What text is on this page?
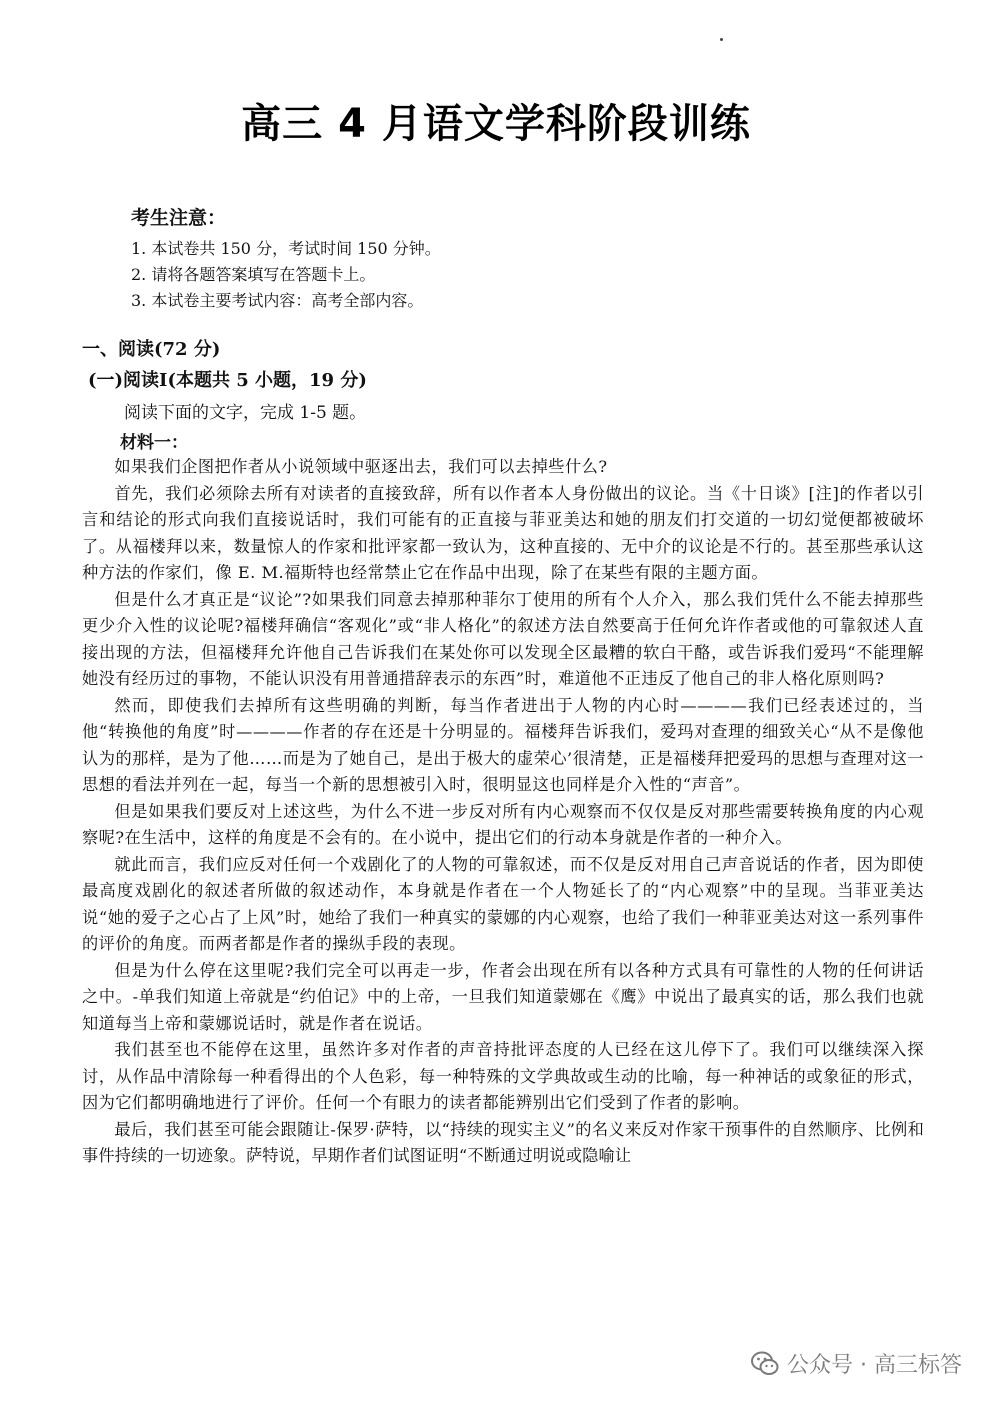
高三 4 月语文学科阶段训练
考生注意：
1. 本试卷共 150 分，考试时间 150 分钟。
2. 请将各题答案填写在答题卡上。
3. 本试卷主要考试内容：高考全部内容。
一、阅读(72 分)
(一)阅读Ⅰ(本题共 5 小题，19 分)
阅读下面的文字，完成 1-5 题。
材料一：

如果我们企图把作者从小说领域中驱逐出去，我们可以去掉些什么?

首先，我们必须除去所有对读者的直接致辞，所有以作者本人身份做出的议论。当《十日谈》[注]的作者以引言和结论的形式向我们直接说话时，我们可能有的正直接与菲亚美达和她的朋友们打交道的一切幻觉便都被破坏了。从福楼拜以来，数量惊人的作家和批评家都一致认为，这种直接的、无中介的议论是不行的。甚至那些承认这种方法的作家们，像 E. M.福斯特也经常禁止它在作品中出现，除了在某些有限的主题方面。

但是什么才真正是“议论”?如果我们同意去掉那种菲尔丁使用的所有个人介入，那么我们凭什么不能去掉那些更少介入性的议论呢?福楼拜确信“客观化”或“非人格化”的叙述方法自然要高于任何允许作者或他的可靠叙述人直接出现的方法，但福楼拜允许他自己告诉我们在某处你可以发现全区最糟的软白干酪，或告诉我们爱玛“不能理解她没有经历过的事物，不能认识没有用普通措辞表示的东西”时，难道他不正违反了他自己的非人格化原则吗?

然而，即使我们去掉所有这些明确的判断，每当作者进出于人物的内心时————我们已经表述过的，当他“转换他的角度”时————作者的存在还是十分明显的。福楼拜告诉我们，爱玛对查理的细致关心“从不是像他认为的那样，是为了他……而是为了她自己，是出于极大的虚荣心’很清楚，正是福楼拜把爱玛的思想与查理对这一思想的看法并列在一起，每当一个新的思想被引入时，很明显这也同样是介入性的“声音”。

但是如果我们要反对上述这些，为什么不进一步反对所有内心观察而不仅仅是反对那些需要转换角度的内心观察呢?在生活中，这样的角度是不会有的。在小说中，提出它们的行动本身就是作者的一种介入。

就此而言，我们应反对任何一个戏剧化了的人物的可靠叙述，而不仅是反对用自己声音说话的作者，因为即使最高度戏剧化的叙述者所做的叙述动作，本身就是作者在一个人物延长了的“内心观察”中的呈现。当菲亚美达说“她的爱子之心占了上风”时，她给了我们一种真实的蒙娜的内心观察，也给了我们一种菲亚美达对这一系列事件的评价的角度。而两者都是作者的操纵手段的表现。

但是为什么停在这里呢?我们完全可以再走一步，作者会出现在所有以各种方式具有可靠性的人物的任何讲话之中。-单我们知道上帝就是“约伯记》中的上帝，一旦我们知道蒙娜在《鹰》中说出了最真实的话，那么我们也就知道每当上帝和蒙娜说话时，就是作者在说话。

我们甚至也不能停在这里，虽然许多对作者的声音持批评态度的人已经在这儿停下了。我们可以继续深入探讨，从作品中清除每一种看得出的个人色彩，每一种特殊的文学典故或生动的比喻，每一种神话的或象征的形式，因为它们都明确地进行了评价。任何一个有眼力的读者都能辨别出它们受到了作者的影响。

最后，我们甚至可能会跟随让-保罗·萨特，以“持续的现实主义”的名义来反对作家干预事件的自然顺序、比例和事件持续的一切迹象。萨特说，早期作者们试图证明“不断通过明说或隐喻让

公众号 · 高三标答
